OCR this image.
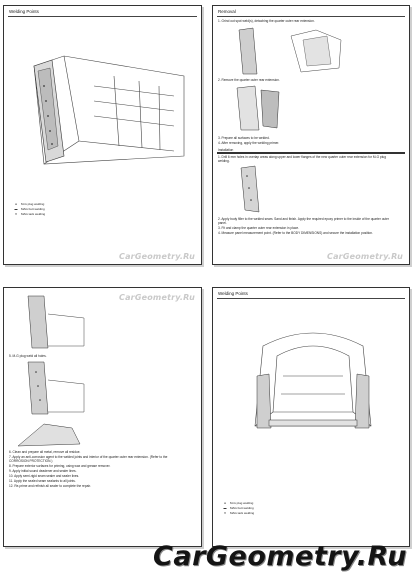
Welding Points
●	M-G plug welding
▬ MAG butt welding
✕ MAG tack welding
CarGeometry.Ru
Removal
1. Grind out spot weld(s), detaching the quarter outer rear extension.
2. Remove the quarter outer rear extension.
3. Prepare all surfaces to be welded.
4. After removing, apply the welding primer.
Installation
1. Drill 6 mm holes in overlap areas along upper and lower flanges of the new quarter outer rear extension for M-G plug
welding.
2. Apply body filler to the welded seam. Sand and finish. Apply the required epoxy primer to the inside of the quarter outer
panel.
3. Fit and clamp the quarter outer rear extension in place.
4. Measure panel measurement point. (Refer to the BODY DIMENSIONS) and secure the installation position.
CarGeometry.Ru
5. M-G plug weld all holes.
6. Clean and prepare all metal, remove all residue.
7. Apply an anti-corrosion agent to the welded joints and interior of the quarter outer rear extension. (Refer to the
CORROSION PROTECTION.)
8. Prepare exterior surfaces for priming, using wax and grease remover.
9. Apply initial sound deadener and sealer lines.
10. Apply semi-rigid seam sealer and sealer lines.
11. Apply the sealed seam sealants to all joints.
12. Re-prime and refinish all sealer to complete the repair.
CarGeometry.Ru	Welding Points
●	M-G plug welding
▬ MAG butt welding
✕ MAG tack welding
CarGeometry.Ru
